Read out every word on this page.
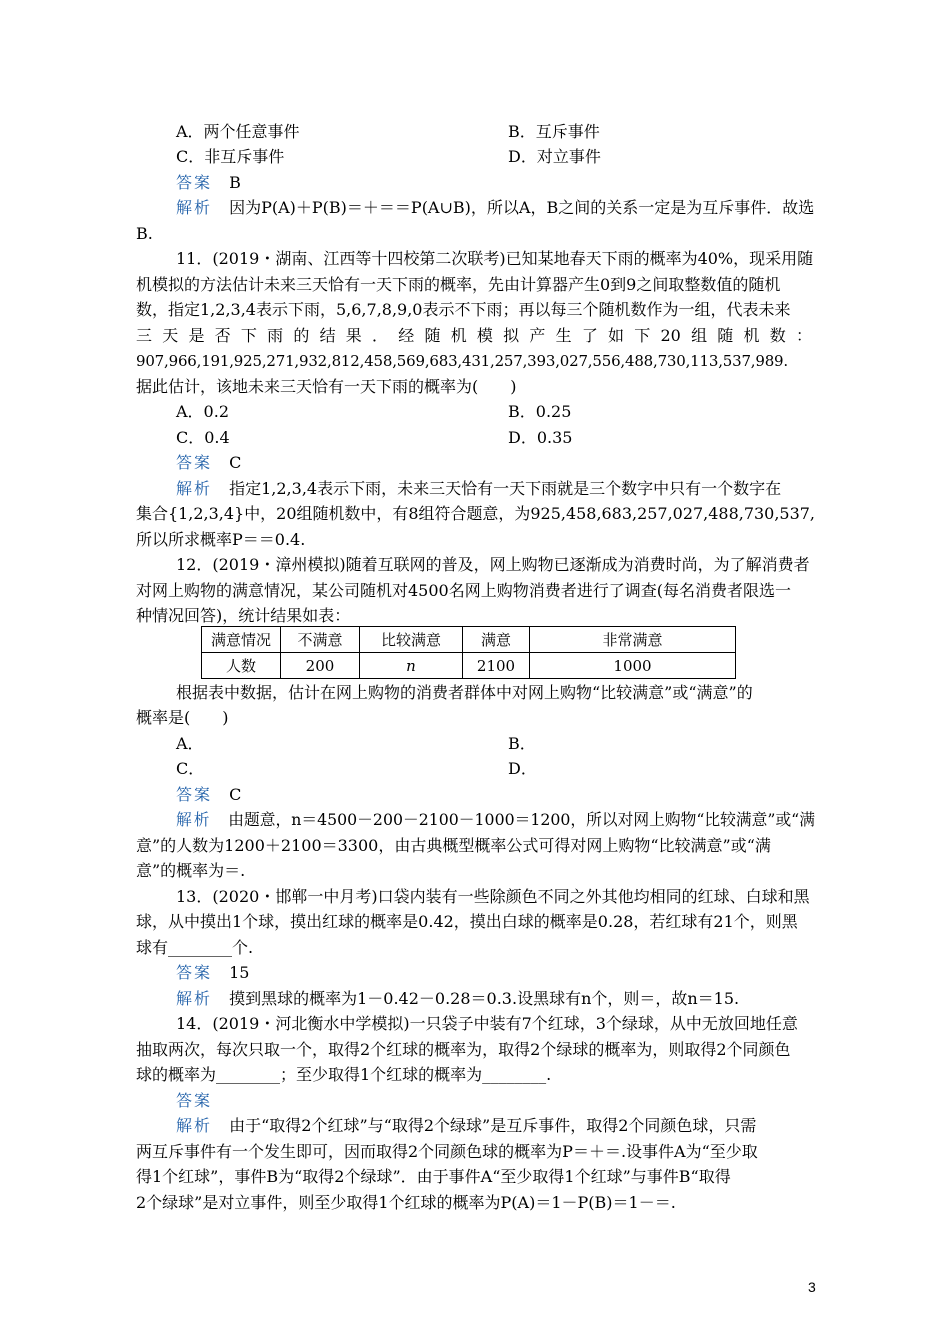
A．两个任意事件	B．互斥事件
C．非互斥事件	D．对立事件
答案 B
解析 因为P(A)＋P(B)＝＋＝＝P(A∪B)，所以A，B之间的关系一定是为互斥事件．故选
B.
11．(2019・湖南、江西等十四校第二次联考)已知某地春天下雨的概率为40%，现采用随
机模拟的方法估计未来三天恰有一天下雨的概率，先由计算器产生0到9之间取整数值的随机
数，指定1,2,3,4表示下雨，5,6,7,8,9,0表示不下雨；再以每三个随机数作为一组，代表未来
三天是否下雨的结果．经随机模拟产生了如下20组随机数：
907,966,191,925,271,932,812,458,569,683,431,257,393,027,556,488,730,113,537,989.
据此估计，该地未来三天恰有一天下雨的概率为(　　)
A．0.2	B．0.25
C．0.4	D．0.35
答案 C
解析 指定1,2,3,4表示下雨，未来三天恰有一天下雨就是三个数字中只有一个数字在
集合{1,2,3,4}中，20组随机数中，有8组符合题意，为925,458,683,257,027,488,730,537,
所以所求概率P＝＝0.4.
12．(2019・漳州模拟)随着互联网的普及，网上购物已逐渐成为消费时尚，为了解消费者
对网上购物的满意情况，某公司随机对4500名网上购物消费者进行了调查(每名消费者限选一
种情况回答)，统计结果如表：
满意情况	不满意	比较满意	满意	非常满意
人数	200	n	2100	1000
根据表中数据，估计在网上购物的消费者群体中对网上购物“比较满意”或“满意”的
概率是(　　)
A．	B．
C．	D．
答案 C
解析 由题意，n＝4500－200－2100－1000＝1200，所以对网上购物“比较满意”或“满
意”的人数为1200＋2100＝3300，由古典概型概率公式可得对网上购物“比较满意”或“满
意”的概率为＝.
13．(2020・邯郸一中月考)口袋内装有一些除颜色不同之外其他均相同的红球、白球和黑
球，从中摸出1个球，摸出红球的概率是0.42，摸出白球的概率是0.28，若红球有21个，则黑
球有________个.
答案 15
解析 摸到黑球的概率为1－0.42－0.28＝0.3.设黑球有n个，则＝，故n＝15.
14．(2019・河北衡水中学模拟)一只袋子中装有7个红球，3个绿球，从中无放回地任意
抽取两次，每次只取一个，取得2个红球的概率为，取得2个绿球的概率为，则取得2个同颜色
球的概率为________；至少取得1个红球的概率为________.
答案
解析 由于“取得2个红球”与“取得2个绿球”是互斥事件，取得2个同颜色球，只需
两互斥事件有一个发生即可，因而取得2个同颜色球的概率为P＝＋＝.设事件A为“至少取
得1个红球”，事件B为“取得2个绿球”．由于事件A“至少取得1个红球”与事件B“取得
2个绿球”是对立事件，则至少取得1个红球的概率为P(A)＝1－P(B)＝1－＝.
3
